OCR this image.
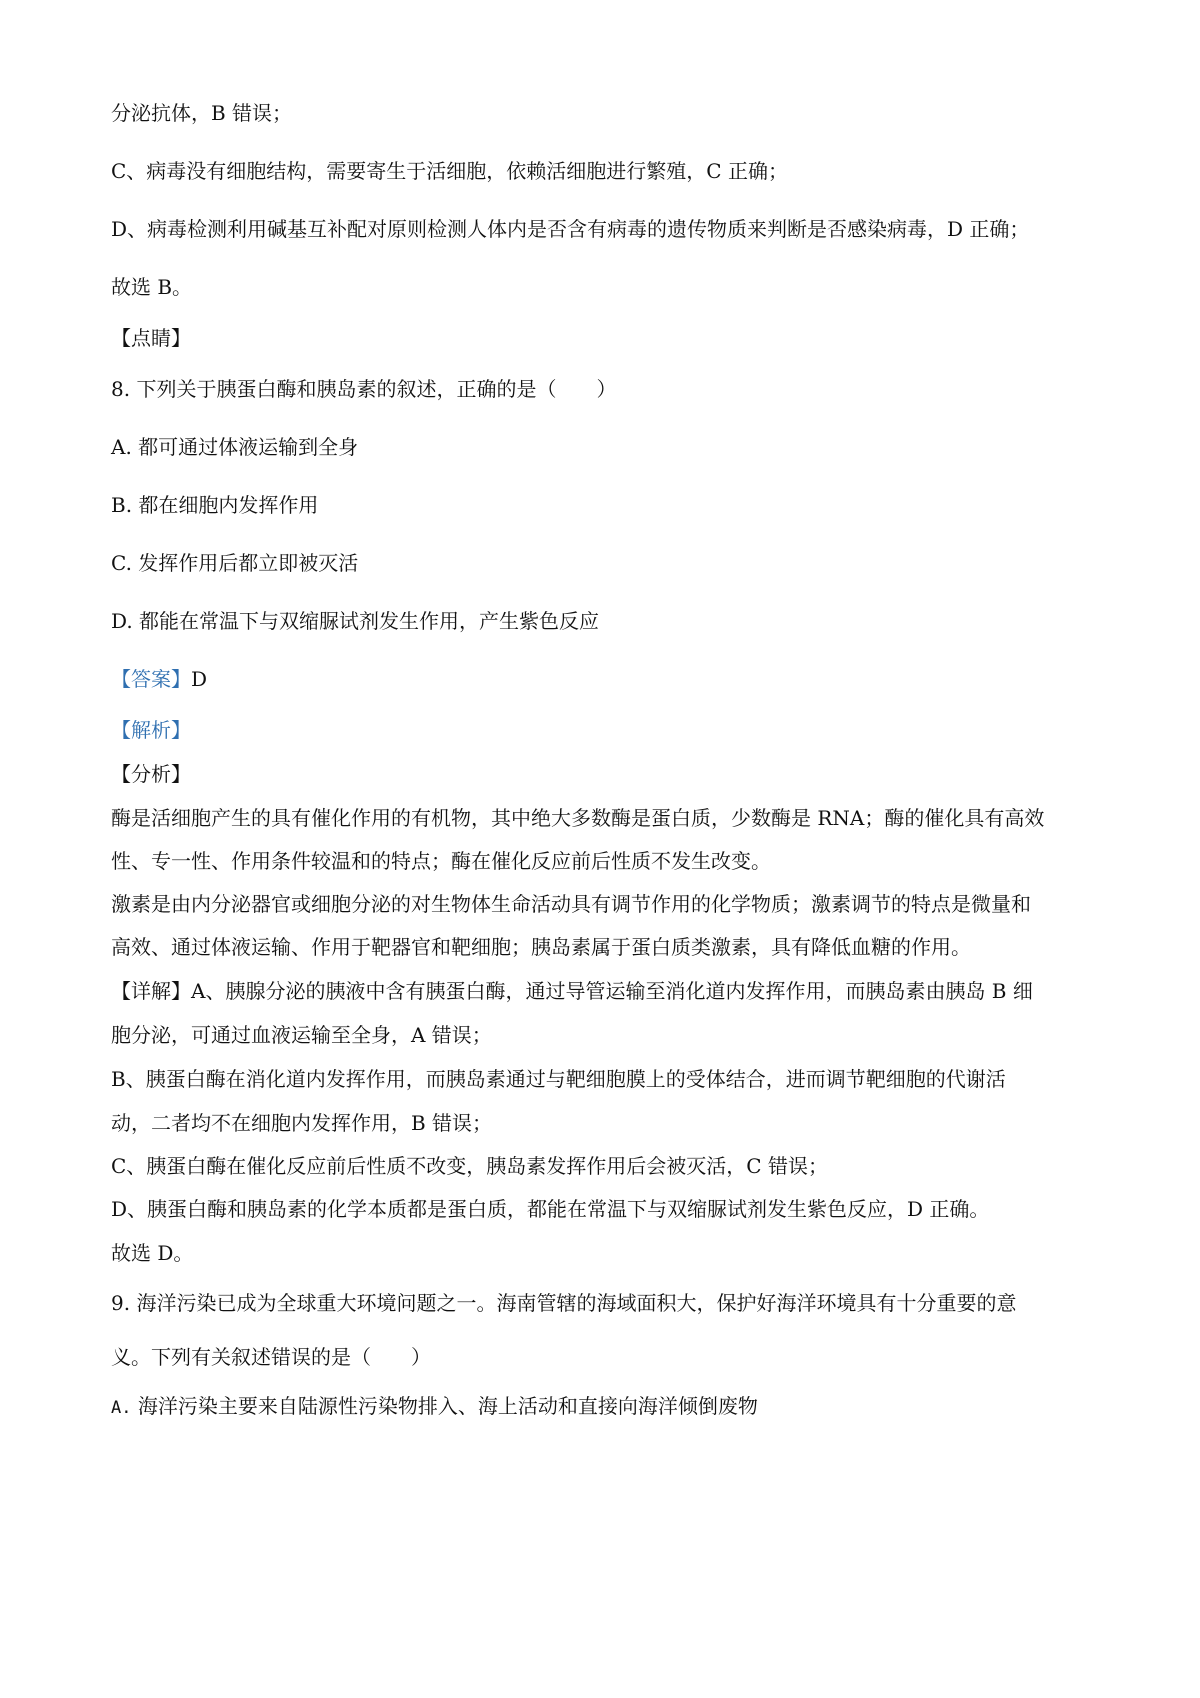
分泌抗体，B 错误；
C、病毒没有细胞结构，需要寄生于活细胞，依赖活细胞进行繁殖，C 正确；
D、病毒检测利用碱基互补配对原则检测人体内是否含有病毒的遗传物质来判断是否感染病毒，D 正确；
故选 B。
【点睛】
8. 下列关于胰蛋白酶和胰岛素的叙述，正确的是（　　）
A. 都可通过体液运输到全身
B. 都在细胞内发挥作用
C. 发挥作用后都立即被灭活
D. 都能在常温下与双缩脲试剂发生作用，产生紫色反应
【答案】D
【解析】
【分析】
酶是活细胞产生的具有催化作用的有机物，其中绝大多数酶是蛋白质，少数酶是 RNA；酶的催化具有高效
性、专一性、作用条件较温和的特点；酶在催化反应前后性质不发生改变。
激素是由内分泌器官或细胞分泌的对生物体生命活动具有调节作用的化学物质；激素调节的特点是微量和
高效、通过体液运输、作用于靶器官和靶细胞；胰岛素属于蛋白质类激素，具有降低血糖的作用。
【详解】A、胰腺分泌的胰液中含有胰蛋白酶，通过导管运输至消化道内发挥作用，而胰岛素由胰岛 B 细
胞分泌，可通过血液运输至全身，A 错误；
B、胰蛋白酶在消化道内发挥作用，而胰岛素通过与靶细胞膜上的受体结合，进而调节靶细胞的代谢活
动，二者均不在细胞内发挥作用，B 错误；
C、胰蛋白酶在催化反应前后性质不改变，胰岛素发挥作用后会被灭活，C 错误；
D、胰蛋白酶和胰岛素的化学本质都是蛋白质，都能在常温下与双缩脲试剂发生紫色反应，D 正确。
故选 D。
9. 海洋污染已成为全球重大环境问题之一。海南管辖的海域面积大，保护好海洋环境具有十分重要的意
义。下列有关叙述错误的是（　　）
A. 海洋污染主要来自陆源性污染物排入、海上活动和直接向海洋倾倒废物
